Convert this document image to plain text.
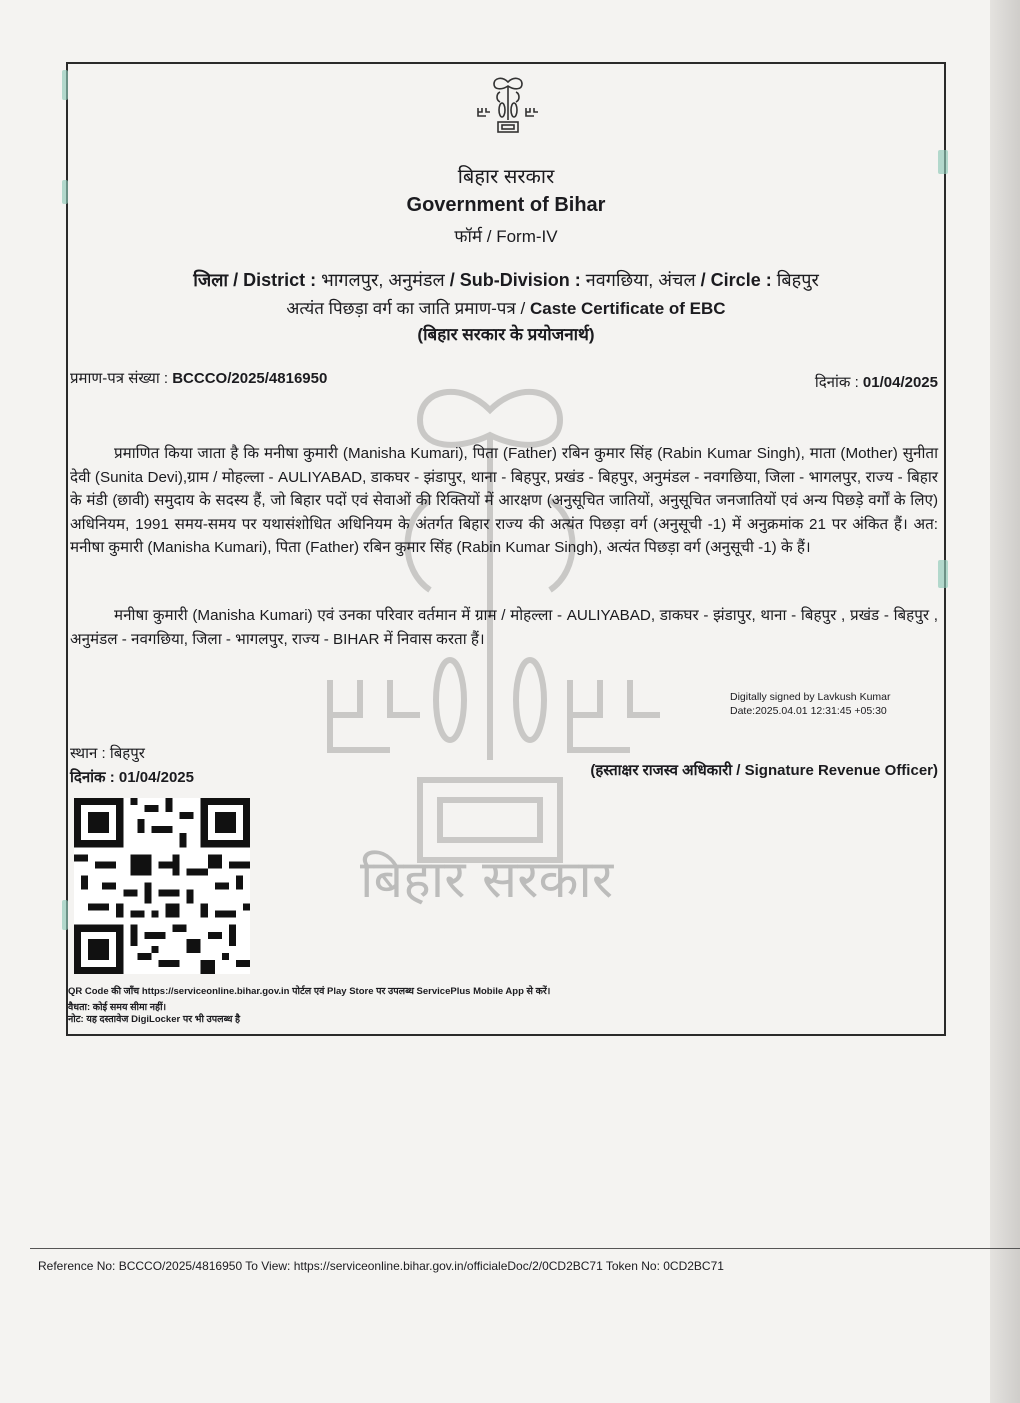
बिहार सरकार
Government of Bihar
फॉर्म / Form-IV
जिला / District : भागलपुर, अनुमंडल / Sub-Division : नवगछिया, अंचल / Circle : बिहपुर
अत्यंत पिछड़ा वर्ग का जाति प्रमाण-पत्र / Caste Certificate of EBC
(बिहार सरकार के प्रयोजनार्थ)
प्रमाण-पत्र संख्या : BCCCO/2025/4816950	दिनांक : 01/04/2025
बिहार सरकार
प्रमाणित किया जाता है कि मनीषा कुमारी (Manisha Kumari), पिता (Father) रबिन कुमार सिंह (Rabin Kumar Singh), माता (Mother) सुनीता देवी (Sunita Devi),ग्राम / मोहल्ला - AULIYABAD, डाकघर - झंडापुर, थाना - बिहपुर, प्रखंड - बिहपुर, अनुमंडल - नवगछिया, जिला - भागलपुर, राज्य - बिहार के मंडी (छावी) समुदाय के सदस्य हैं, जो बिहार पदों एवं सेवाओं की रिक्तियों में आरक्षण (अनुसूचित जातियों, अनुसूचित जनजातियों एवं अन्य पिछड़े वर्गों के लिए) अधिनियम, 1991 समय-समय पर यथासंशोधित अधिनियम के अंतर्गत बिहार राज्य की अत्यंत पिछड़ा वर्ग (अनुसूची -1) में अनुक्रमांक 21 पर अंकित हैं। अत: मनीषा कुमारी (Manisha Kumari), पिता (Father) रबिन कुमार सिंह (Rabin Kumar Singh), अत्यंत पिछड़ा वर्ग (अनुसूची -1) के हैं।
मनीषा कुमारी (Manisha Kumari) एवं उनका परिवार वर्तमान में ग्राम / मोहल्ला - AULIYABAD, डाकघर - झंडापुर, थाना - बिहपुर , प्रखंड - बिहपुर , अनुमंडल - नवगछिया, जिला - भागलपुर, राज्य - BIHAR में निवास करता हैं।
Digitally signed by Lavkush Kumar
Date:2025.04.01 12:31:45 +05:30
स्थान : बिहपुर
दिनांक : 01/04/2025	(हस्ताक्षर राजस्व अधिकारी / Signature Revenue Officer)
QR Code की जाँच https://serviceonline.bihar.gov.in पोर्टल एवं Play Store पर उपलब्ध ServicePlus Mobile App से करें।
वैधता: कोई समय सीमा नहीं।
नोट: यह दस्तावेज DigiLocker पर भी उपलब्ध है
Reference No: BCCCO/2025/4816950 To View: https://serviceonline.bihar.gov.in/officialeDoc/2/0CD2BC71 Token No: 0CD2BC71
